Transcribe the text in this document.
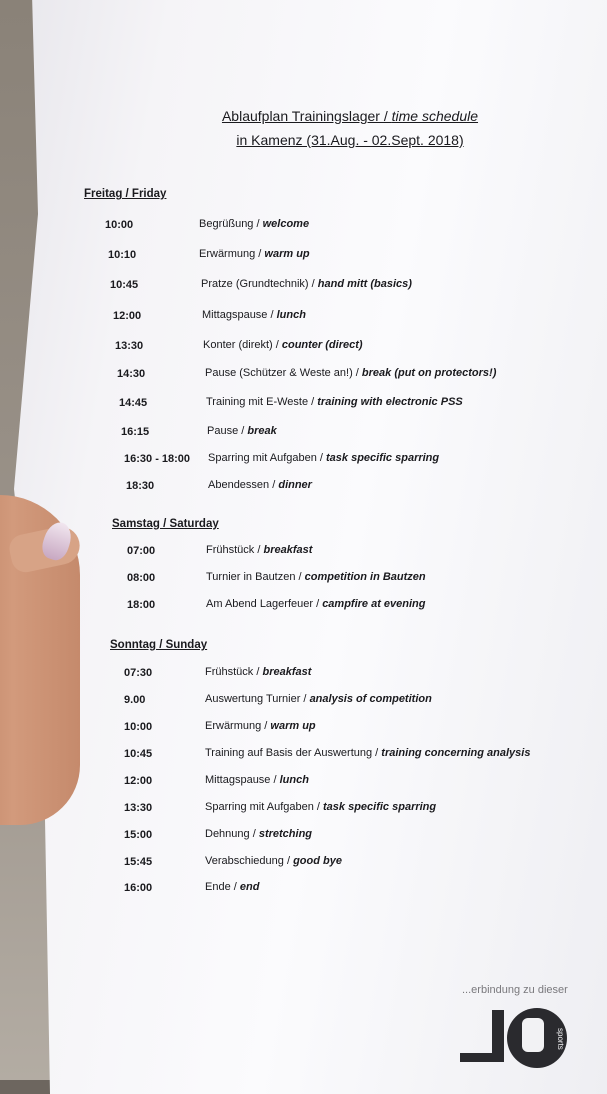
Ablaufplan Trainingslager / time schedule
in Kamenz (31.Aug. - 02.Sept. 2018)
Freitag / Friday
10:00	Begrüßung / welcome
10:10	Erwärmung / warm up
10:45	Pratze (Grundtechnik) / hand mitt (basics)
12:00	Mittagspause / lunch
13:30	Konter (direkt) / counter (direct)
14:30	Pause (Schützer & Weste an!) / break (put on protectors!)
14:45	Training mit E-Weste / training with electronic PSS
16:15	Pause / break
16:30 - 18:00 Sparring mit Aufgaben / task specific sparring
18:30	Abendessen / dinner
Samstag / Saturday
07:00	Frühstück / breakfast
08:00	Turnier in Bautzen / competition in Bautzen
18:00	Am Abend Lagerfeuer / campfire at evening
Sonntag / Sunday
07:30	Frühstück / breakfast
9.00	Auswertung Turnier / analysis of competition
10:00	Erwärmung / warm up
10:45	Training auf Basis der Auswertung / training concerning analysis
12:00	Mittagspause / lunch
13:30	Sparring mit Aufgaben / task specific sparring
15:00	Dehnung / stretching
15:45	Verabschiedung / good bye
16:00	Ende / end
...erbindung zu dieser
sports
